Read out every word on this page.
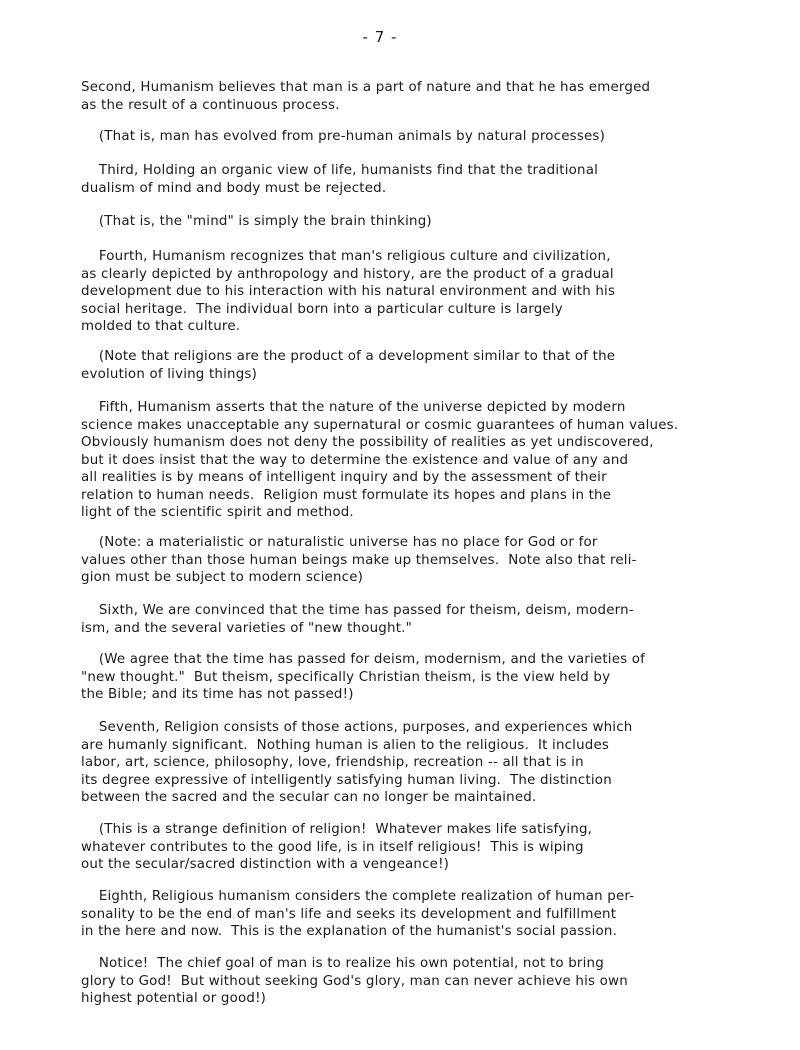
- 7 -

Second, Humanism believes that man is a part of nature and that he has emerged
as the result of a continuous process.

(That is, man has evolved from pre-human animals by natural processes)

Third, Holding an organic view of life, humanists find that the traditional
dualism of mind and body must be rejected.

(That is, the "mind" is simply the brain thinking)

Fourth, Humanism recognizes that man's religious culture and civilization,
as clearly depicted by anthropology and history, are the product of a gradual
development due to his interaction with his natural environment and with his
social heritage.  The individual born into a particular culture is largely
molded to that culture.

(Note that religions are the product of a development similar to that of the
evolution of living things)

Fifth, Humanism asserts that the nature of the universe depicted by modern
science makes unacceptable any supernatural or cosmic guarantees of human values.
Obviously humanism does not deny the possibility of realities as yet undiscovered,
but it does insist that the way to determine the existence and value of any and
all realities is by means of intelligent inquiry and by the assessment of their
relation to human needs.  Religion must formulate its hopes and plans in the
light of the scientific spirit and method.

(Note: a materialistic or naturalistic universe has no place for God or for
values other than those human beings make up themselves.  Note also that reli-
gion must be subject to modern science)

Sixth, We are convinced that the time has passed for theism, deism, modern-
ism, and the several varieties of "new thought."

(We agree that the time has passed for deism, modernism, and the varieties of
"new thought."  But theism, specifically Christian theism, is the view held by
the Bible; and its time has not passed!)

Seventh, Religion consists of those actions, purposes, and experiences which
are humanly significant.  Nothing human is alien to the religious.  It includes
labor, art, science, philosophy, love, friendship, recreation -- all that is in
its degree expressive of intelligently satisfying human living.  The distinction
between the sacred and the secular can no longer be maintained.

(This is a strange definition of religion!  Whatever makes life satisfying,
whatever contributes to the good life, is in itself religious!  This is wiping
out the secular/sacred distinction with a vengeance!)

Eighth, Religious humanism considers the complete realization of human per-
sonality to be the end of man's life and seeks its development and fulfillment
in the here and now.  This is the explanation of the humanist's social passion.

Notice!  The chief goal of man is to realize his own potential, not to bring
glory to God!  But without seeking God's glory, man can never achieve his own
highest potential or good!)
